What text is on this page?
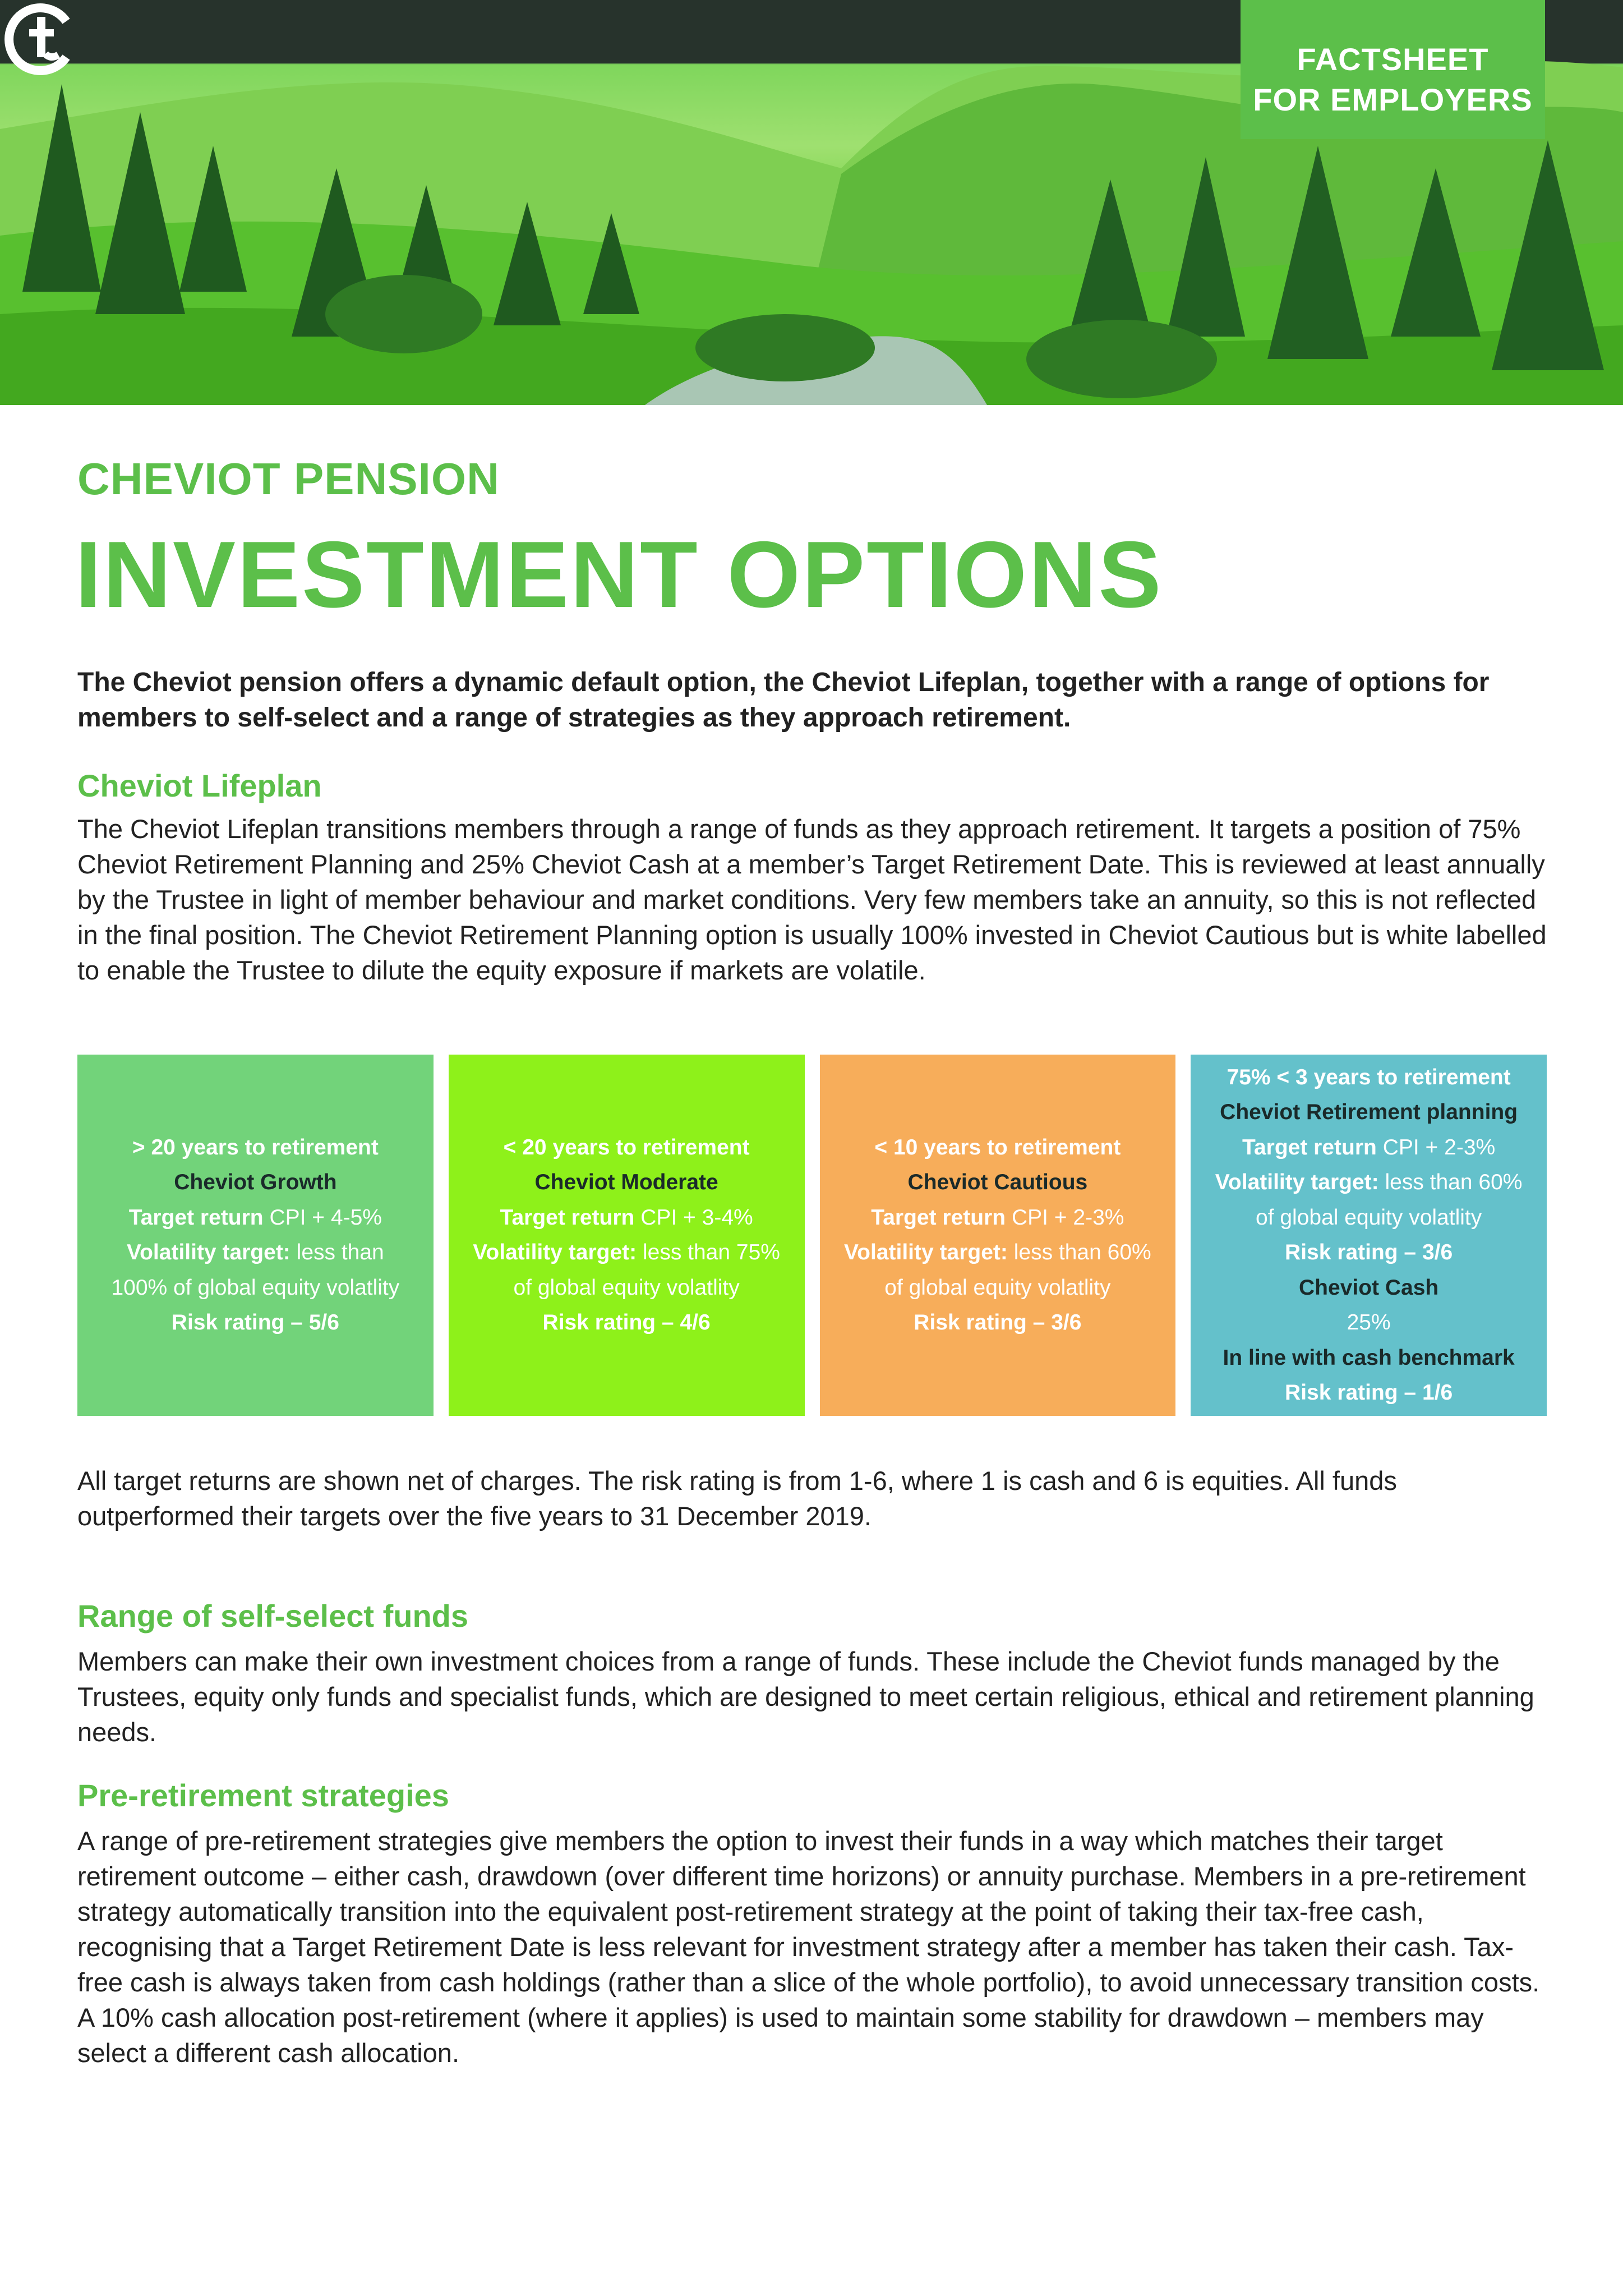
FACTSHEET
FOR EMPLOYERS
CHEVIOT PENSION
INVESTMENT OPTIONS
The Cheviot pension offers a dynamic default option, the Cheviot Lifeplan, together with a range of options for members to self-select and a range of strategies as they approach retirement.
Cheviot Lifeplan
The Cheviot Lifeplan transitions members through a range of funds as they approach retirement. It targets a position of 75% Cheviot Retirement Planning and 25% Cheviot Cash at a member’s Target Retirement Date. This is reviewed at least annually by the Trustee in light of member behaviour and market conditions. Very few members take an annuity, so this is not reflected in the final position. The Cheviot Retirement Planning option is usually 100% invested in Cheviot Cautious but is white labelled to enable the Trustee to dilute the equity exposure if markets are volatile.
> 20 years to retirement
Cheviot Growth
Target return CPI + 4-5%
Volatility target: less than
100% of global equity volatlity
Risk rating – 5/6
< 20 years to retirement
Cheviot Moderate
Target return CPI + 3-4%
Volatility target: less than 75%
of global equity volatlity
Risk rating – 4/6
< 10 years to retirement
Cheviot Cautious
Target return CPI + 2-3%
Volatility target: less than 60%
of global equity volatlity
Risk rating – 3/6
75% < 3 years to retirement
Cheviot Retirement planning
Target return CPI + 2-3%
Volatility target: less than 60%
of global equity volatlity
Risk rating – 3/6
Cheviot Cash
25%
In line with cash benchmark
Risk rating – 1/6
All target returns are shown net of charges. The risk rating is from 1-6, where 1 is cash and 6 is equities. All funds outperformed their targets over the five years to 31 December 2019.
Range of self-select funds
Members can make their own investment choices from a range of funds. These include the Cheviot funds managed by the Trustees, equity only funds and specialist funds, which are designed to meet certain religious, ethical and retirement planning needs.
Pre-retirement strategies
A range of pre-retirement strategies give members the option to invest their funds in a way which matches their target retirement outcome – either cash, drawdown (over different time horizons) or annuity purchase. Members in a pre-retirement strategy automatically transition into the equivalent post-retirement strategy at the point of taking their tax-free cash, recognising that a Target Retirement Date is less relevant for investment strategy after a member has taken their cash. Tax-free cash is always taken from cash holdings (rather than a slice of the whole portfolio), to avoid unnecessary transition costs. A 10% cash allocation post-retirement (where it applies) is used to maintain some stability for drawdown – members may select a different cash allocation.
